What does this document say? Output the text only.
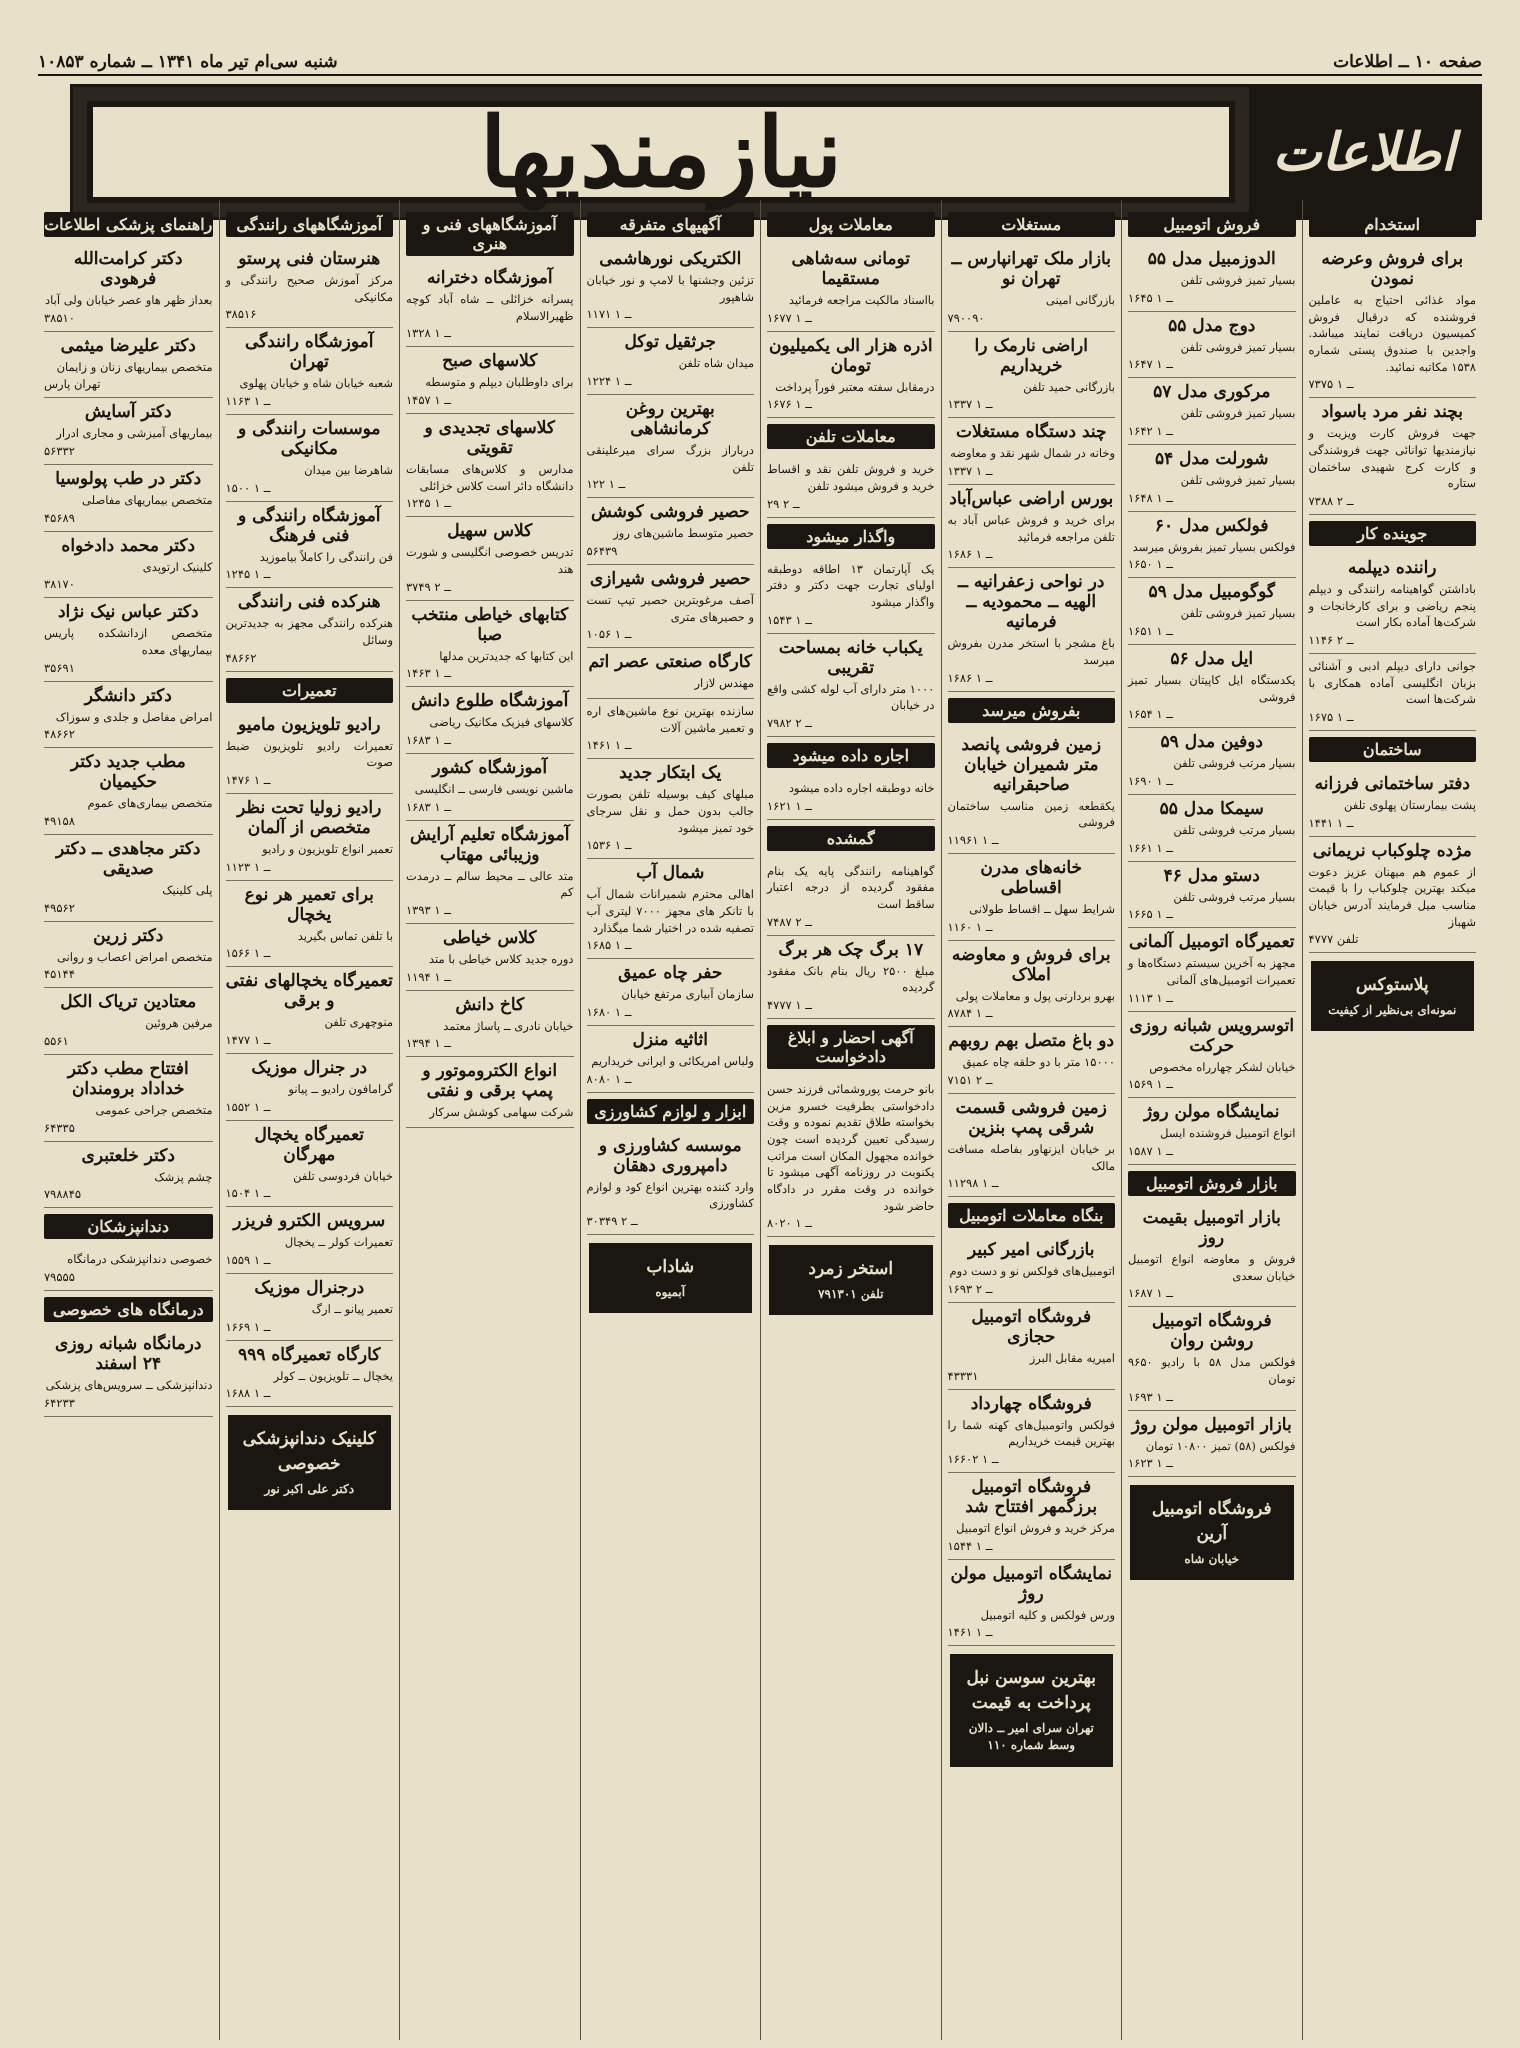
صفحه ۱۰ ــ اطلاعات
شنبه سی‌ام تیر ماه ۱۳۴۱ ــ شماره ۱۰۸۵۳
اطلاعات
نیازمندیها
استخدام
برای فروش وعرضه نمودن
مواد غذائی احتیاج به عاملین فروشنده که درقبال فروش کمیسیون دریافت نمایند میباشد. واجدین با صندوق پستی شماره ۱۵۳۸ مکاتبه نمائید.
۷۳۷۵ ــ ۱
بچند نفر مرد باسواد
جهت فروش کارت ویزیت و نیازمندیها توانائی جهت فروشندگی و کارت کرج شهیدی ساختمان ستاره
۷۳۸۸ ــ ۲
جوینده کار
راننده دیپلمه
باداشتن گواهینامه رانندگی و دیپلم پنجم ریاضی و برای کارخانجات و شرکت‌ها آماده بکار است
۱۱۴۶ ــ ۲
جوانی دارای دیپلم ادبی و آشنائی بزبان انگلیسی آماده همکاری با شرکت‌ها است
۱۶۷۵ ــ ۱
ساختمان
دفتر ساختمانی فرزانه
پشت بیمارستان پهلوی تلفن
۱۴۴۱ ــ ۱
مژده چلوکباب نریمانی
از عموم هم میهنان عزیز دعوت میکند بهترین چلوکباب را با قیمت مناسب میل فرمایند آدرس خیابان شهباز
تلفن ۴۷۷۷
پلاستوکس
نمونه‌ای بی‌نظیر از کیفیت
فروش اتومبیل
الدوزمبیل مدل ۵۵
بسیار تمیز فروشی تلفن
۱۶۴۵ ــ ۱
دوج مدل ۵۵
بسیار تمیز فروشی تلفن
۱۶۴۷ ــ ۱
مرکوری مدل ۵۷
بسیار تمیز فروشی تلفن
۱۶۴۲ ــ ۱
شورلت مدل ۵۴
بسیار تمیز فروشی تلفن
۱۶۴۸ ــ ۱
فولکس مدل ۶۰
فولکس بسیار تمیز بفروش میرسد
۱۶۵۰ ــ ۱
گوگومبیل مدل ۵۹
بسیار تمیز فروشی تلفن
۱۶۵۱ ــ ۱
ایل مدل ۵۶
یکدستگاه ایل کاپیتان بسیار تمیز فروشی
۱۶۵۴ ــ ۱
دوفین مدل ۵۹
بسیار مرتب فروشی تلفن
۱۶۹۰ ــ ۱
سیمکا مدل ۵۵
بسیار مرتب فروشی تلفن
۱۶۶۱ ــ ۱
دستو مدل ۴۶
بسیار مرتب فروشی تلفن
۱۶۶۵ ــ ۱
تعمیرگاه اتومبیل آلمانی
مجهز به آخرین سیستم دستگاه‌ها و تعمیرات اتومبیل‌های آلمانی
۱۱۱۳ ــ ۱
اتوسرویس شبانه روزی حرکت
خیابان لشکر چهارراه مخصوص
۱۵۶۹ ــ ۱
نمایشگاه مولن روژ
انواع اتومبیل فروشنده ایسل
۱۵۸۷ ــ ۱
بازار فروش اتومبیل
بازار اتومبیل بقیمت روز
فروش و معاوضه انواع اتومبیل خیابان سعدی
۱۶۸۷ ــ ۱
فروشگاه اتومبیل روشن روان
فولکس مدل ۵۸ با رادیو ۹۶۵۰ تومان
۱۶۹۳ ــ ۱
بازار اتومبیل مولن روژ
فولکس (۵۸) تمیز ۱۰۸۰۰ تومان
۱۶۲۳ ــ ۱
فروشگاه اتومبیل آرین
خیابان شاه
مستغلات
بازار ملک تهرانپارس ــ تهران نو
بازرگانی امینی
۷۹۰۰۹۰
اراضی نارمک را خریداریم
بازرگانی حمید تلفن
۱۳۳۷ ــ ۱
چند دستگاه مستغلات
وخانه در شمال شهر نقد و معاوضه
۱۳۳۷ ــ ۱
بورس اراضی عباس‌آباد
برای خرید و فروش عباس آباد به تلفن مراجعه فرمائید
۱۶۸۶ ــ ۱
در نواحی زعفرانیه ــ الهیه ــ محمودیه ــ فرمانیه
باغ مشجر با استخر مدرن بفروش میرسد
۱۶۸۶ ــ ۱
بفروش میرسد
زمین فروشی پانصد متر شمیران خیابان صاحبقرانیه
یکقطعه زمین مناسب ساختمان فروشی
۱۱۹۶۱ ــ ۱
خانه‌های مدرن اقساطی
شرایط سهل ــ اقساط طولانی
۱۱۶۰ ــ ۱
برای فروش و معاوضه املاک
بهرو بردارنی پول و معاملات پولی
۸۷۸۴ ــ ۱
دو باغ متصل بهم روبهم
۱۵۰۰۰ متر با دو حلقه چاه عمیق
۷۱۵۱ ــ ۲
زمین فروشی قسمت شرقی پمپ بنزین
بر خیابان ایزنهاور بفاصله مسافت مالک
۱۱۲۹۸ ــ ۱
بنگاه معاملات اتومبیل
بازرگانی امیر کبیر
اتومبیل‌های فولکس نو و دست دوم
۱۶۹۳ ــ ۲
فروشگاه اتومبیل حجازی
امیریه مقابل البرز
۴۳۳۳۱
فروشگاه چهارداد
فولکس واتومبیل‌های کهنه شما را بهترین قیمت خریداریم
۱۶۶۰۲ ــ ۱
فروشگاه اتومبیل برزگمهر افتتاح شد
مرکز خرید و فروش انواع اتومبیل
۱۵۴۴ ــ ۱
نمایشگاه اتومبیل مولن روژ
ورس فولکس و کلیه اتومبیل
۱۴۶۱ ــ ۱
بهترین سوسن نبل پرداخت به قیمت
تهران سرای امیر ــ دالان وسط شماره ۱۱۰
معاملات پول
تومانی سه‌شاهی مستقیما
بااسناد مالکیت مراجعه فرمائید
۱۶۷۷ ــ ۱
اذره هزار الی یکمیلیون تومان
درمقابل سفته معتبر فوراً پرداخت
۱۶۷۶ ــ ۱
معاملات تلفن
خرید و فروش تلفن نقد و اقساط خرید و فروش میشود تلفن
۲۹ ــ ۲
واگذار میشود
یک آپارتمان ۱۳ اطاقه دوطبقه اولیای تجارت جهت دکتر و دفتر واگذار میشود
۱۵۴۳ ــ ۱
یکباب خانه بمساحت تقریبی
۱۰۰۰ متر دارای آب لوله کشی واقع در خیابان
۷۹۸۲ ــ ۲
اجاره داده میشود
خانه دوطبقه اجاره داده میشود
۱۶۲۱ ــ ۱
گمشده
گواهینامه رانندگی پایه یک بنام مفقود گردیده از درجه اعتبار ساقط است
۷۴۸۷ ــ ۲
۱۷ برگ چک هر برگ
مبلغ ۲۵۰۰ ریال بنام بانک مفقود گردیده
۴۷۷۷ ــ ۱
آگهی احضار و ابلاغ دادخواست
بانو حرمت پوروشمائی فرزند حسن دادخواستی بطرفیت خسرو مزین بخواسته طلاق تقدیم نموده و وقت رسیدگی تعیین گردیده است چون خوانده مجهول المکان است مراتب یکنوبت در روزنامه آگهی میشود تا خوانده در وقت مقرر در دادگاه حاضر شود
۸۰۲۰ ــ ۱
استخر زمرد
تلفن ۷۹۱۳۰۱
آگهیهای متفرقه
الکتریکی نورهاشمی
تزئین وجشنها با لامپ و نور خیابان شاهپور
۱۱۷۱ ــ ۱
جرثقیل توکل
میدان شاه تلفن
۱۲۲۴ ــ ۱
بهترین روغن کرمانشاهی
درباراز بزرگ سرای میرعلینقی تلفن
۱۲۲ ــ ۱
حصیر فروشی کوشش
حصیر متوسط ماشین‌های روز
۵۶۴۳۹
حصیر فروشی شیرازی
آصف مرغوبترین حصیر تیپ تست و حصیرهای متری
۱۰۵۶ ــ ۱
کارگاه صنعتی عصر اتم
مهندس لازار
سازنده بهترین نوع ماشین‌های اره و تعمیر ماشین آلات
۱۴۶۱ ــ ۱
یک ابتکار جدید
مبلهای کیف بوسیله تلفن بصورت جالب بدون حمل و نقل سرجای خود تمیز میشود
۱۵۳۶ ــ ۱
شمال آب
اهالی محترم شمیرانات شمال آب با تانکر های مجهز ۷۰۰۰ لیتری آب تصفیه شده در اختیار شما میگذارد
۱۶۸۵ ــ ۱
حفر چاه عمیق
سازمان آبیاری مرتفع خیابان
۱۶۸۰ ــ ۱
اثاثیه منزل
ولباس امریکائی و ایرانی خریداریم
۸۰۸۰ ــ ۱
ابزار و لوازم کشاورزی
موسسه کشاورزی و دامپروری دهقان
وارد کننده بهترین انواع کود و لوازم کشاورزی
۳۰۳۴۹ ــ ۲
شاداب
آبمیوه
آموزشگاههای فنی و هنری
آموزشگاه دخترانه
پسرانه خزائلی ــ شاه آباد کوچه ظهیرالاسلام
۱۳۲۸ ــ ۱
کلاسهای صبح
برای داوطلبان دیپلم و متوسطه
۱۴۵۷ ــ ۱
کلاسهای تجدیدی و تقویتی
مدارس و کلاس‌های مسابقات دانشگاه دائر است کلاس خزائلی
۱۲۴۵ ــ ۱
کلاس سهیل
تدریس خصوصی انگلیسی و شورت هند
۳۷۴۹ ــ ۲
کتابهای خیاطی منتخب صبا
این کتابها که جدیدترین مدلها
۱۴۶۳ ــ ۱
آموزشگاه طلوع دانش
کلاسهای فیزیک مکانیک ریاضی
۱۶۸۳ ــ ۱
آموزشگاه کشور
ماشین نویسی فارسی ــ انگلیسی
۱۶۸۳ ــ ۱
آموزشگاه تعلیم آرایش وزیبائی مهتاب
متد عالی ــ محیط سالم ــ درمدت کم
۱۳۹۳ ــ ۱
کلاس خیاطی
دوره جدید کلاس خیاطی با متد
۱۱۹۴ ــ ۱
کاخ دانش
خیابان نادری ــ پاساژ معتمد
۱۳۹۴ ــ ۱
انواع الکتروموتور و پمپ برقی و نفتی
شرکت سهامی کوشش سرکار
آموزشگاههای رانندگی
هنرستان فنی پرستو
مرکز آموزش صحیح رانندگی و مکانیکی
۳۸۵۱۶
آموزشگاه رانندگی تهران
شعبه خیابان شاه و خیابان پهلوی
۱۱۶۳ ــ ۱
موسسات رانندگی و مکانیکی
شاهرضا بین میدان
۱۵۰۰ ــ ۱
آموزشگاه رانندگی و فنی فرهنگ
فن رانندگی را کاملاً بیاموزید
۱۲۴۵ ــ ۱
هنرکده فنی رانندگی
هنرکده رانندگی مجهز به جدیدترین وسائل
۴۸۶۶۲
تعمیرات
رادیو تلویزیون مامیو
تعمیرات رادیو تلویزیون ضبط صوت
۱۴۷۶ ــ ۱
رادیو زولیا تحت نظر متخصص از آلمان
تعمیر انواع تلویزیون و رادیو
۱۱۲۳ ــ ۱
برای تعمیر هر نوع یخچال
با تلفن تماس بگیرید
۱۵۶۶ ــ ۱
تعمیرگاه یخچالهای نفتی و برقی
منوچهری تلفن
۱۴۷۷ ــ ۱
در جنرال موزیک
گرامافون رادیو ــ پیانو
۱۵۵۲ ــ ۱
تعمیرگاه یخچال مهرگان
خیابان فردوسی تلفن
۱۵۰۴ ــ ۱
سرویس الکترو فریزر
تعمیرات کولر ــ یخچال
۱۵۵۹ ــ ۱
درجنرال موزیک
تعمیر پیانو ــ ارگ
۱۶۶۹ ــ ۱
کارگاه تعمیرگاه ۹۹۹
یخچال ــ تلویزیون ــ کولر
۱۶۸۸ ــ ۱
کلینیک دندانپزشکی خصوصی
دکتر علی اکبر نور
راهنمای پزشکی اطلاعات
دکتر کرامت‌الله فرهودی
بعداز ظهر هاو عصر خیابان ولی آباد
۳۸۵۱۰
دکتر علیرضا میثمی
متخصص بیماریهای زنان و زایمان
تهران پارس
دکتر آسایش
بیماریهای آمیزشی و مجاری ادرار
۵۶۳۳۲
دکتر در طب پولوسیا
متخصص بیماریهای مفاصلی
۴۵۶۸۹
دکتر محمد دادخواه
کلینیک ارتوپدی
۳۸۱۷۰
دکتر عباس نیک نژاد
متخصص ازدانشکده پاریس بیماریهای معده
۳۵۶۹۱
دکتر دانشگر
امراض مفاصل و جلدی و سوزاک
۴۸۶۶۲
مطب جدید دکتر حکیمیان
متخصص بیماری‌های عموم
۴۹۱۵۸
دکتر مجاهدی ــ دکتر صدیقی
پلی کلینیک
۴۹۵۶۲
دکتر زرین
متخصص امراض اعصاب و روانی
۴۵۱۴۴
معتادین تریاک الکل
مرفین هروئین
۵۵۶۱
افتتاح مطب دکتر خداداد برومندان
متخصص جراحی عمومی
۶۴۳۳۵
دکتر خلعتبری
چشم پزشک
۷۹۸۸۴۵
دندانپزشکان
خصوصی دندانپزشکی درمانگاه
۷۹۵۵۵
درمانگاه های خصوصی
درمانگاه شبانه روزی ۲۴ اسفند
دندانپزشکی ــ سرویس‌های پزشکی
۶۴۲۳۳
